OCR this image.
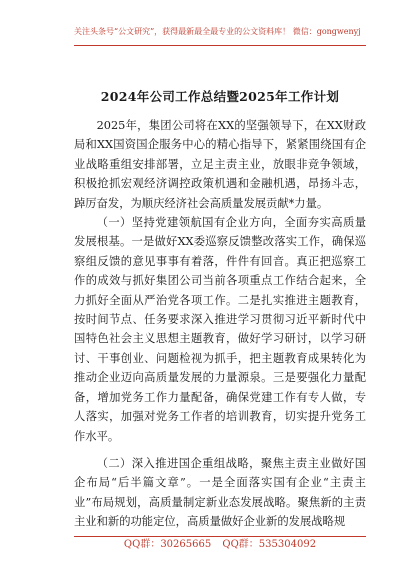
关注头条号“公文研究”，获得最新最全最专业的公文资料库！ 微信：gongwenyj
2024年公司工作总结暨2025年工作计划

2025年，集团公司将在XX的坚强领导下，在XX财政局和XX国资国企服务中心的精心指导下，紧紧围绕国有企业战略重组安排部署，立足主责主业，放眼非竞争领域，积极抢抓宏观经济调控政策机遇和金融机遇，昂扬斗志，踔厉奋发，为顺庆经济社会高质量发展贡献*力量。

（一）坚持党建领航国有企业方向，全面夯实高质量发展根基。一是做好XX委巡察反馈整改落实工作，确保巡察组反馈的意见事事有着落，件件有回音。真正把巡察工作的成效与抓好集团公司当前各项重点工作结合起来，全力抓好全面从严治党各项工作。二是扎实推进主题教育，按时间节点、任务要求深入推进学习贯彻习近平新时代中国特色社会主义思想主题教育，做好学习研讨，以学习研讨、干事创业、问题检视为抓手，把主题教育成果转化为推动企业迈向高质量发展的力量源泉。三是要强化力量配备，增加党务工作力量配备，确保党建工作有专人做，专人落实，加强对党务工作者的培训教育，切实提升党务工作水平。

（二）深入推进国企重组战略，聚焦主责主业做好国企布局“后半篇文章”。一是全面落实国有企业“主责主业”布局规划，高质量制定新业态发展战略。聚焦新的主责主业和新的功能定位，高质量做好企业新的发展战略规

QQ群：30265665 QQ群：535304092
